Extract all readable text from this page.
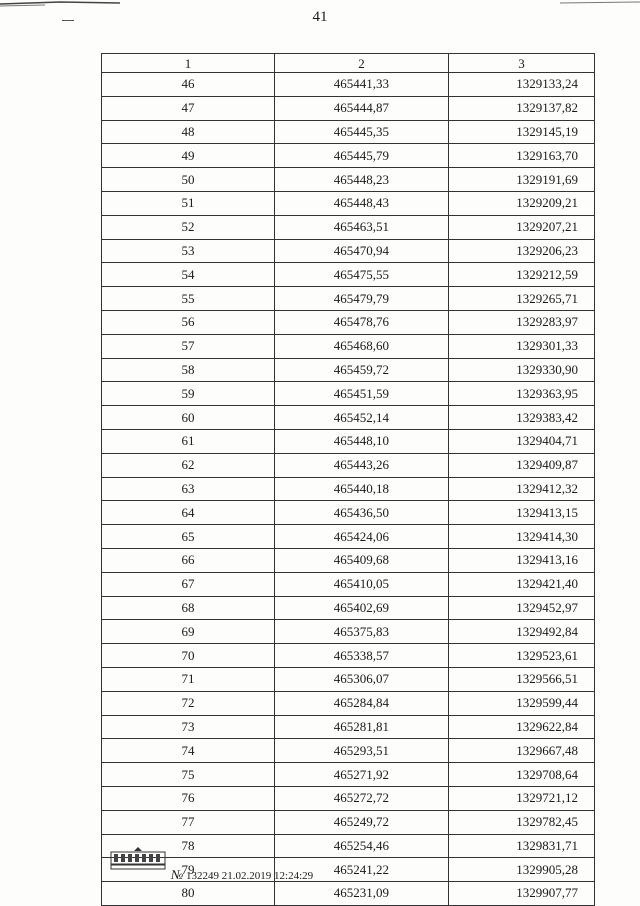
41
1	2	3
46	465441,33	1329133,24
47	465444,87	1329137,82
48	465445,35	1329145,19
49	465445,79	1329163,70
50	465448,23	1329191,69
51	465448,43	1329209,21
52	465463,51	1329207,21
53	465470,94	1329206,23
54	465475,55	1329212,59
55	465479,79	1329265,71
56	465478,76	1329283,97
57	465468,60	1329301,33
58	465459,72	1329330,90
59	465451,59	1329363,95
60	465452,14	1329383,42
61	465448,10	1329404,71
62	465443,26	1329409,87
63	465440,18	1329412,32
64	465436,50	1329413,15
65	465424,06	1329414,30
66	465409,68	1329413,16
67	465410,05	1329421,40
68	465402,69	1329452,97
69	465375,83	1329492,84
70	465338,57	1329523,61
71	465306,07	1329566,51
72	465284,84	1329599,44
73	465281,81	1329622,84
74	465293,51	1329667,48
75	465271,92	1329708,64
76	465272,72	1329721,12
77	465249,72	1329782,45
78	465254,46	1329831,71
79	465241,22	1329905,28
80	465231,09	1329907,77
№ 132249 21.02.2019 12:24:29
